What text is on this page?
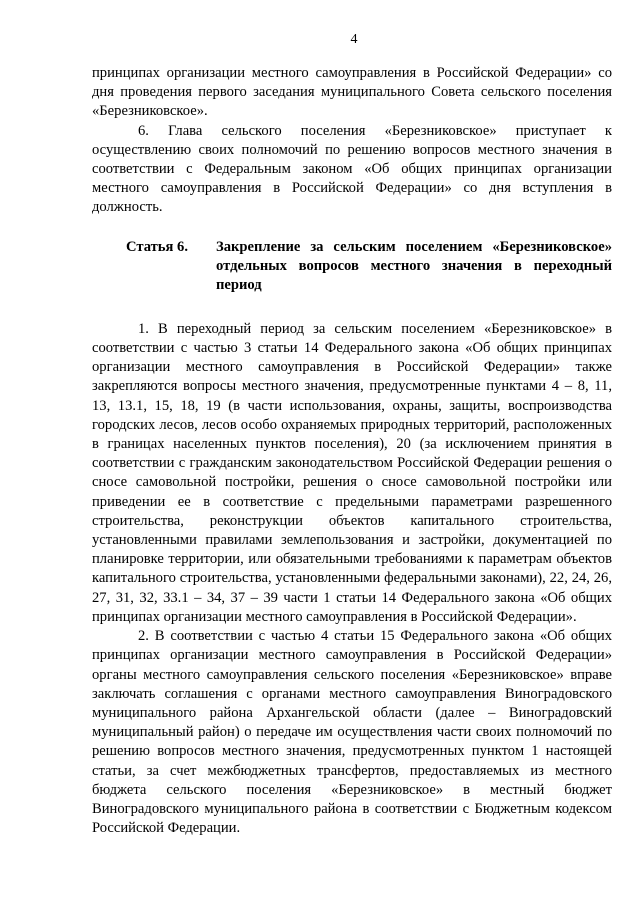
4

принципах организации местного самоуправления в Российской Федерации» со дня проведения первого заседания муниципального Совета сельского поселения «Березниковское».

6. Глава сельского поселения «Березниковское» приступает к осуществлению своих полномочий по решению вопросов местного значения в соответствии с Федеральным законом «Об общих принципах организации местного самоуправления в Российской Федерации» со дня вступления в должность.

Статья 6.	Закрепление за сельским поселением «Березниковское» отдельных вопросов местного значения в переходный период

1. В переходный период за сельским поселением «Березниковское» в соответствии с частью 3 статьи 14 Федерального закона «Об общих принципах организации местного самоуправления в Российской Федерации» также закрепляются вопросы местного значения, предусмотренные пунктами 4 – 8, 11, 13, 13.1, 15, 18, 19 (в части использования, охраны, защиты, воспроизводства городских лесов, лесов особо охраняемых природных территорий, расположенных в границах населенных пунктов поселения), 20 (за исключением принятия в соответствии с гражданским законодательством Российской Федерации решения о сносе самовольной постройки, решения о сносе самовольной постройки или приведении ее в соответствие с предельными параметрами разрешенного строительства, реконструкции объектов капитального строительства, установленными правилами землепользования и застройки, документацией по планировке территории, или обязательными требованиями к параметрам объектов капитального строительства, установленными федеральными законами), 22, 24, 26, 27, 31, 32, 33.1 – 34, 37 – 39 части 1 статьи 14 Федерального закона «Об общих принципах организации местного самоуправления в Российской Федерации».

2. В соответствии с частью 4 статьи 15 Федерального закона «Об общих принципах организации местного самоуправления в Российской Федерации» органы местного самоуправления сельского поселения «Березниковское» вправе заключать соглашения с органами местного самоуправления Виноградовского муниципального района Архангельской области (далее – Виноградовский муниципальный район) о передаче им осуществления части своих полномочий по решению вопросов местного значения, предусмотренных пунктом 1 настоящей статьи, за счет межбюджетных трансфертов, предоставляемых из местного бюджета сельского поселения «Березниковское» в местный бюджет Виноградовского муниципального района в соответствии с Бюджетным кодексом Российской Федерации.
